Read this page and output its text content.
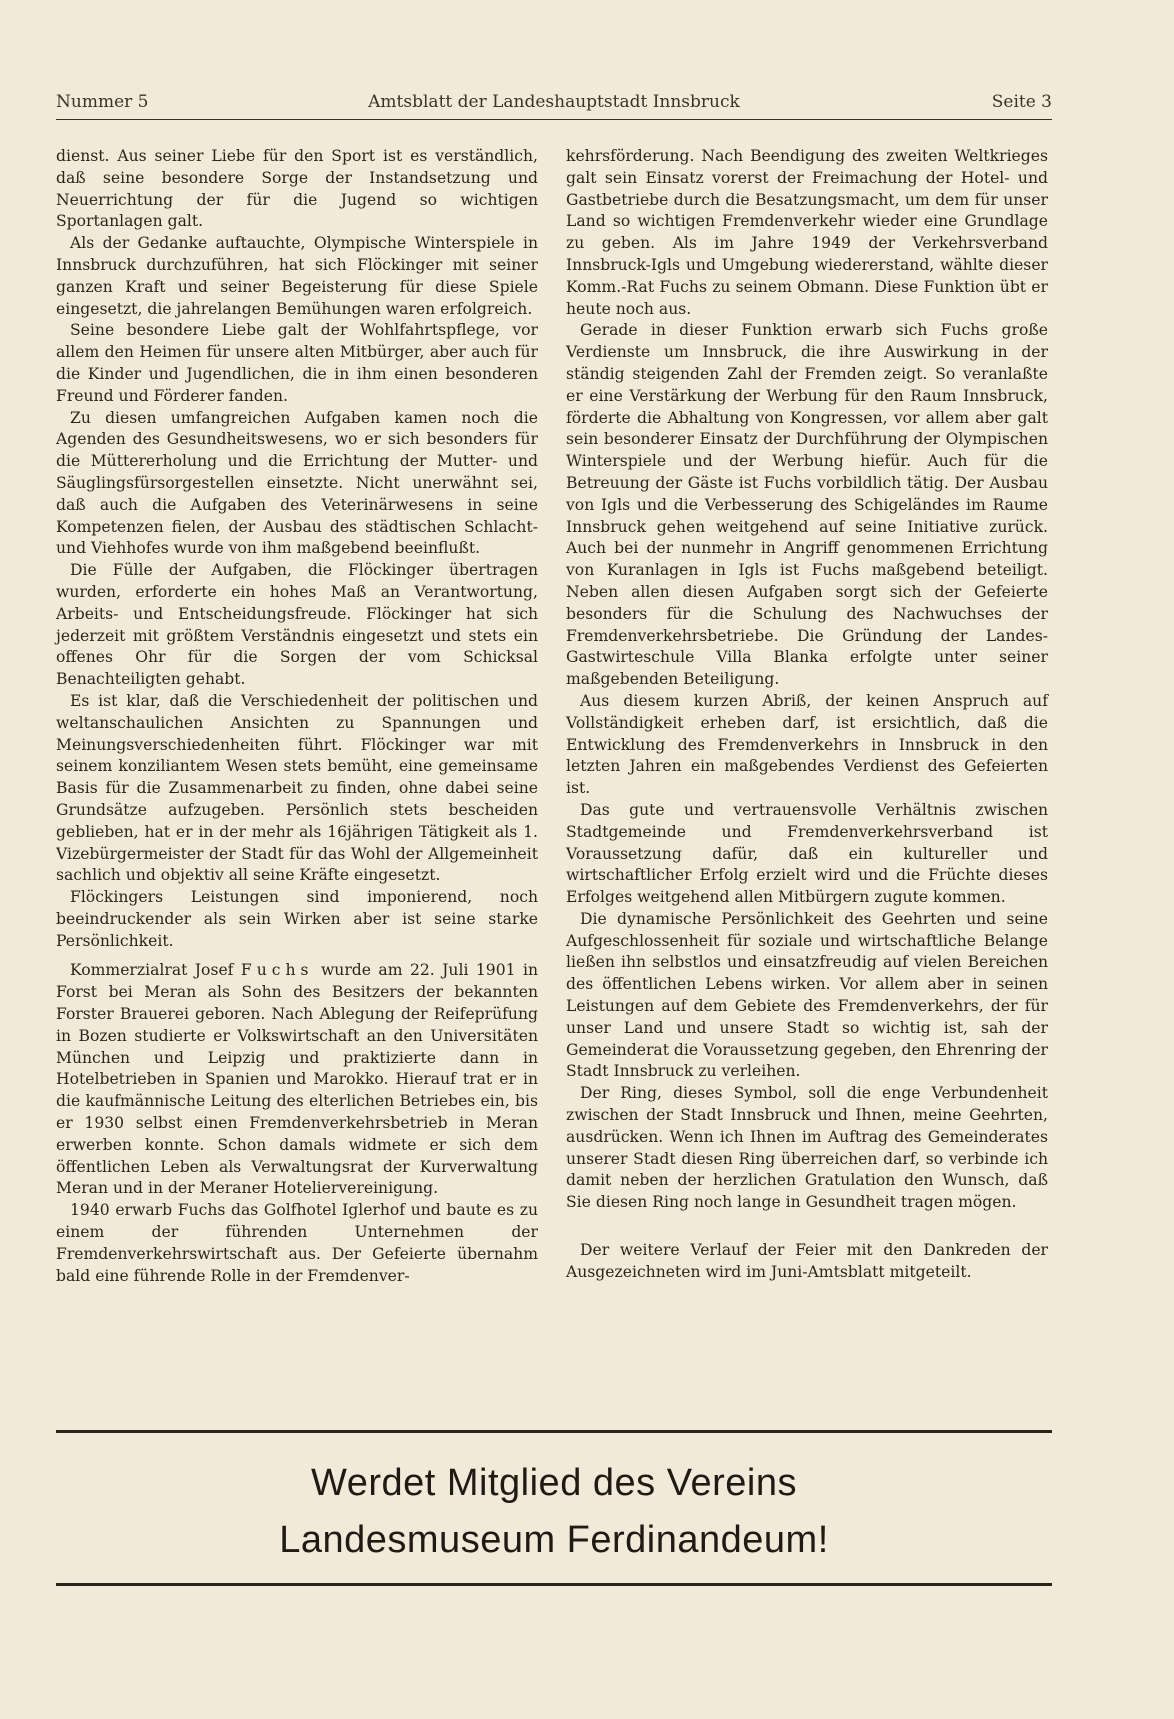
Nummer 5	Amtsblatt der Landeshauptstadt Innsbruck	Seite 3

dienst. Aus seiner Liebe für den Sport ist es verständlich, daß seine besondere Sorge der Instandsetzung und Neuerrichtung der für die Jugend so wichtigen Sportanlagen galt.

Als der Gedanke auftauchte, Olympische Winterspiele in Innsbruck durchzuführen, hat sich Flöckinger mit seiner ganzen Kraft und seiner Begeisterung für diese Spiele eingesetzt, die jahrelangen Bemühungen waren erfolgreich.

Seine besondere Liebe galt der Wohlfahrtspflege, vor allem den Heimen für unsere alten Mitbürger, aber auch für die Kinder und Jugendlichen, die in ihm einen besonderen Freund und Förderer fanden.

Zu diesen umfangreichen Aufgaben kamen noch die Agenden des Gesundheitswesens, wo er sich besonders für die Müttererholung und die Errichtung der Mutter- und Säuglingsfürsorgestellen einsetzte. Nicht unerwähnt sei, daß auch die Aufgaben des Veterinärwesens in seine Kompetenzen fielen, der Ausbau des städtischen Schlacht- und Viehhofes wurde von ihm maßgebend beeinflußt.

Die Fülle der Aufgaben, die Flöckinger übertragen wurden, erforderte ein hohes Maß an Verantwortung, Arbeits- und Entscheidungsfreude. Flöckinger hat sich jederzeit mit größtem Verständnis eingesetzt und stets ein offenes Ohr für die Sorgen der vom Schicksal Benachteiligten gehabt.

Es ist klar, daß die Verschiedenheit der politischen und weltanschaulichen Ansichten zu Spannungen und Meinungsverschiedenheiten führt. Flöckinger war mit seinem konziliantem Wesen stets bemüht, eine gemeinsame Basis für die Zusammenarbeit zu finden, ohne dabei seine Grundsätze aufzugeben. Persönlich stets bescheiden geblieben, hat er in der mehr als 16jährigen Tätigkeit als 1. Vizebürgermeister der Stadt für das Wohl der Allgemeinheit sachlich und objektiv all seine Kräfte eingesetzt.

Flöckingers Leistungen sind imponierend, noch beeindruckender als sein Wirken aber ist seine starke Persönlichkeit.

Kommerzialrat Josef Fuchs wurde am 22. Juli 1901 in Forst bei Meran als Sohn des Besitzers der bekannten Forster Brauerei geboren. Nach Ablegung der Reifeprüfung in Bozen studierte er Volkswirtschaft an den Universitäten München und Leipzig und praktizierte dann in Hotelbetrieben in Spanien und Marokko. Hierauf trat er in die kaufmännische Leitung des elterlichen Betriebes ein, bis er 1930 selbst einen Fremdenverkehrsbetrieb in Meran erwerben konnte. Schon damals widmete er sich dem öffentlichen Leben als Verwaltungsrat der Kurverwaltung Meran und in der Meraner Hoteliervereinigung.

1940 erwarb Fuchs das Golfhotel Iglerhof und baute es zu einem der führenden Unternehmen der Fremdenverkehrswirtschaft aus. Der Gefeierte übernahm bald eine führende Rolle in der Fremdenver-

kehrsförderung. Nach Beendigung des zweiten Weltkrieges galt sein Einsatz vorerst der Freimachung der Hotel- und Gastbetriebe durch die Besatzungsmacht, um dem für unser Land so wichtigen Fremdenverkehr wieder eine Grundlage zu geben. Als im Jahre 1949 der Verkehrsverband Innsbruck-Igls und Umgebung wiedererstand, wählte dieser Komm.-Rat Fuchs zu seinem Obmann. Diese Funktion übt er heute noch aus.

Gerade in dieser Funktion erwarb sich Fuchs große Verdienste um Innsbruck, die ihre Auswirkung in der ständig steigenden Zahl der Fremden zeigt. So veranlaßte er eine Verstärkung der Werbung für den Raum Innsbruck, förderte die Abhaltung von Kongressen, vor allem aber galt sein besonderer Einsatz der Durchführung der Olympischen Winterspiele und der Werbung hiefür. Auch für die Betreuung der Gäste ist Fuchs vorbildlich tätig. Der Ausbau von Igls und die Verbesserung des Schigeländes im Raume Innsbruck gehen weitgehend auf seine Initiative zurück. Auch bei der nunmehr in Angriff genommenen Errichtung von Kuranlagen in Igls ist Fuchs maßgebend beteiligt. Neben allen diesen Aufgaben sorgt sich der Gefeierte besonders für die Schulung des Nachwuchses der Fremdenverkehrsbetriebe. Die Gründung der Landes-Gastwirteschule Villa Blanka erfolgte unter seiner maßgebenden Beteiligung.

Aus diesem kurzen Abriß, der keinen Anspruch auf Vollständigkeit erheben darf, ist ersichtlich, daß die Entwicklung des Fremdenverkehrs in Innsbruck in den letzten Jahren ein maßgebendes Verdienst des Gefeierten ist.

Das gute und vertrauensvolle Verhältnis zwischen Stadtgemeinde und Fremdenverkehrsverband ist Voraussetzung dafür, daß ein kultureller und wirtschaftlicher Erfolg erzielt wird und die Früchte dieses Erfolges weitgehend allen Mitbürgern zugute kommen.

Die dynamische Persönlichkeit des Geehrten und seine Aufgeschlossenheit für soziale und wirtschaftliche Belange ließen ihn selbstlos und einsatzfreudig auf vielen Bereichen des öffentlichen Lebens wirken. Vor allem aber in seinen Leistungen auf dem Gebiete des Fremdenverkehrs, der für unser Land und unsere Stadt so wichtig ist, sah der Gemeinderat die Voraussetzung gegeben, den Ehrenring der Stadt Innsbruck zu verleihen.

Der Ring, dieses Symbol, soll die enge Verbundenheit zwischen der Stadt Innsbruck und Ihnen, meine Geehrten, ausdrücken. Wenn ich Ihnen im Auftrag des Gemeinderates unserer Stadt diesen Ring überreichen darf, so verbinde ich damit neben der herzlichen Gratulation den Wunsch, daß Sie diesen Ring noch lange in Gesundheit tragen mögen.

Der weitere Verlauf der Feier mit den Dankreden der Ausgezeichneten wird im Juni-Amtsblatt mitgeteilt.

Werdet Mitglied des Vereins
Landesmuseum Ferdinandeum!
